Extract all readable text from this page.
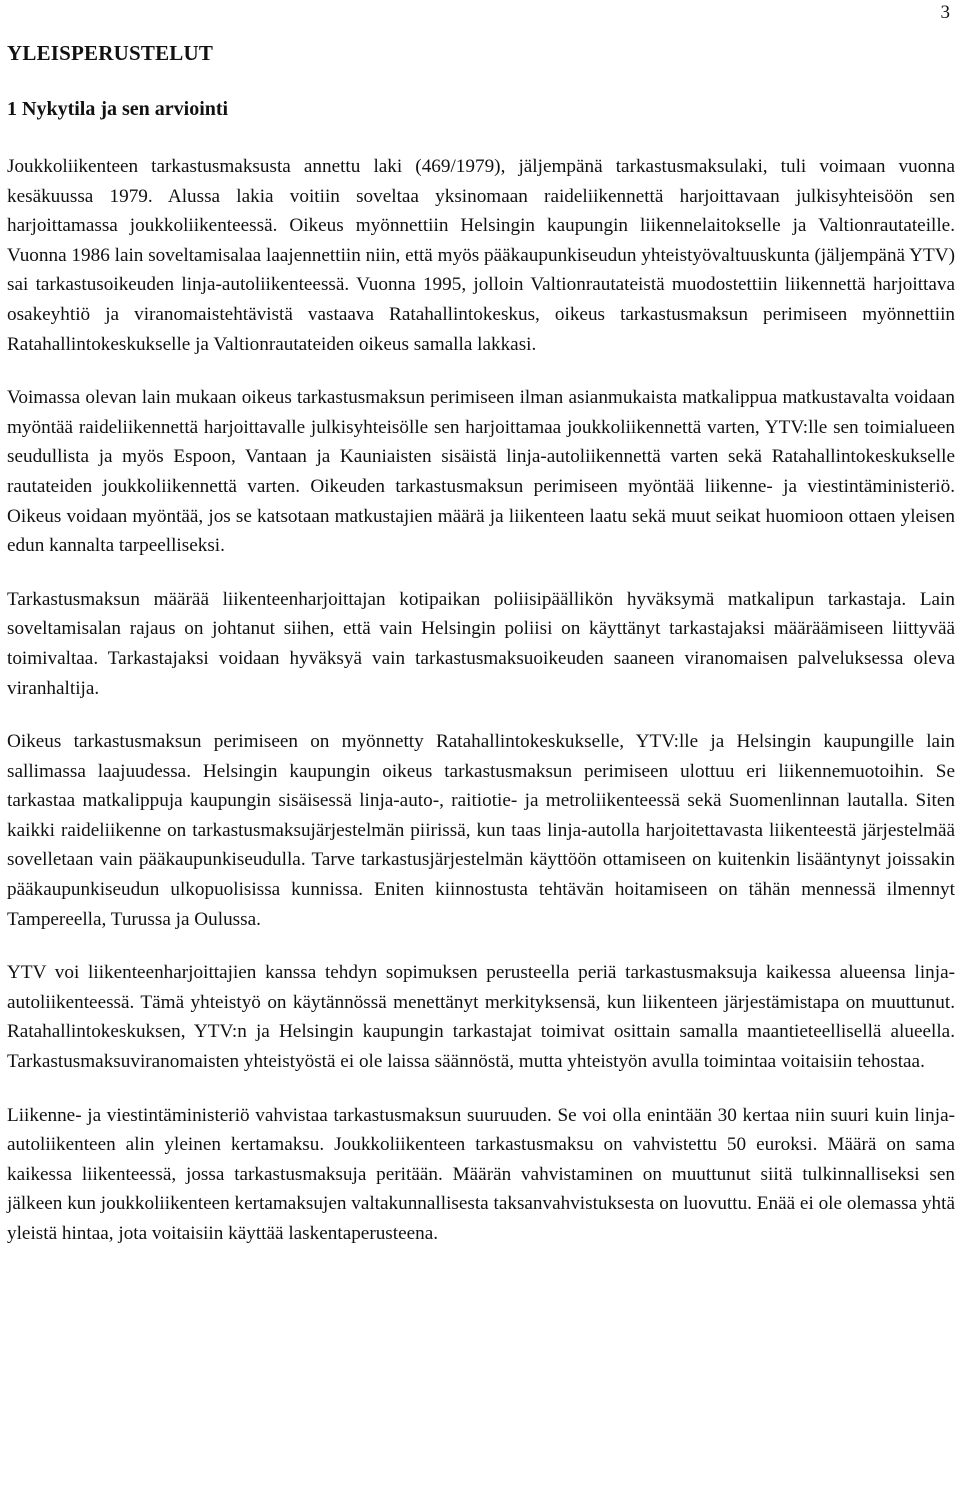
3
YLEISPERUSTELUT
1 Nykytila ja sen arviointi

Joukkoliikenteen tarkastusmaksusta annettu laki (469/1979), jäljempänä tarkastusmaksulaki, tuli voimaan vuonna kesäkuussa 1979. Alussa lakia voitiin soveltaa yksinomaan raideliikennettä harjoittavaan julkisyhteisöön sen harjoittamassa joukkoliikenteessä. Oikeus myönnettiin Helsingin kaupungin liikennelaitokselle ja Valtionrautateille. Vuonna 1986 lain soveltamisalaa laajennettiin niin, että myös pääkaupunkiseudun yhteistyövaltuuskunta (jäljempänä YTV) sai tarkastusoikeuden linja-autoliikenteessä. Vuonna 1995, jolloin Valtionrautateistä muodostettiin liikennettä harjoittava osakeyhtiö ja viranomaistehtävistä vastaava Ratahallintokeskus, oikeus tarkastusmaksun perimiseen myönnettiin Ratahallintokeskukselle ja Valtionrautateiden oikeus samalla lakkasi.

Voimassa olevan lain mukaan oikeus tarkastusmaksun perimiseen ilman asianmukaista matkalippua matkustavalta voidaan myöntää raideliikennettä harjoittavalle julkisyhteisölle sen harjoittamaa joukkoliikennettä varten, YTV:lle sen toimialueen seudullista ja myös Espoon, Vantaan ja Kauniaisten sisäistä linja-autoliikennettä varten sekä Ratahallintokeskukselle rautateiden joukkoliikennettä varten. Oikeuden tarkastusmaksun perimiseen myöntää liikenne- ja viestintäministeriö. Oikeus voidaan myöntää, jos se katsotaan matkustajien määrä ja liikenteen laatu sekä muut seikat huomioon ottaen yleisen edun kannalta tarpeelliseksi.

Tarkastusmaksun määrää liikenteenharjoittajan kotipaikan poliisipäällikön hyväksymä matkalipun tarkastaja. Lain soveltamisalan rajaus on johtanut siihen, että vain Helsingin poliisi on käyttänyt tarkastajaksi määräämiseen liittyvää toimivaltaa. Tarkastajaksi voidaan hyväksyä vain tarkastusmaksuoikeuden saaneen viranomaisen palveluksessa oleva viranhaltija.

Oikeus tarkastusmaksun perimiseen on myönnetty Ratahallintokeskukselle, YTV:lle ja Helsingin kaupungille lain sallimassa laajuudessa. Helsingin kaupungin oikeus tarkastusmaksun perimiseen ulottuu eri liikennemuotoihin. Se tarkastaa matkalippuja kaupungin sisäisessä linja-auto-, raitiotie- ja metroliikenteessä sekä Suomenlinnan lautalla. Siten kaikki raideliikenne on tarkastusmaksujärjestelmän piirissä, kun taas linja-autolla harjoitettavasta liikenteestä järjestelmää sovelletaan vain pääkaupunkiseudulla. Tarve tarkastusjärjestelmän käyttöön ottamiseen on kuitenkin lisääntynyt joissakin pääkaupunkiseudun ulkopuolisissa kunnissa. Eniten kiinnostusta tehtävän hoitamiseen on tähän mennessä ilmennyt Tampereella, Turussa ja Oulussa.

YTV voi liikenteenharjoittajien kanssa tehdyn sopimuksen perusteella periä tarkastusmaksuja kaikessa alueensa linja-autoliikenteessä. Tämä yhteistyö on käytännössä menettänyt merkityksensä, kun liikenteen järjestämistapa on muuttunut. Ratahallintokeskuksen, YTV:n ja Helsingin kaupungin tarkastajat toimivat osittain samalla maantieteellisellä alueella. Tarkastusmaksuviranomaisten yhteistyöstä ei ole laissa säännöstä, mutta yhteistyön avulla toimintaa voitaisiin tehostaa.

Liikenne- ja viestintäministeriö vahvistaa tarkastusmaksun suuruuden. Se voi olla enintään 30 kertaa niin suuri kuin linja-autoliikenteen alin yleinen kertamaksu. Joukkoliikenteen tarkastusmaksu on vahvistettu 50 euroksi. Määrä on sama kaikessa liikenteessä, jossa tarkastusmaksuja peritään. Määrän vahvistaminen on muuttunut siitä tulkinnalliseksi sen jälkeen kun joukkoliikenteen kertamaksujen valtakunnallisesta taksanvahvistuksesta on luovuttu. Enää ei ole olemassa yhtä yleistä hintaa, jota voitaisiin käyttää laskentaperusteena.
